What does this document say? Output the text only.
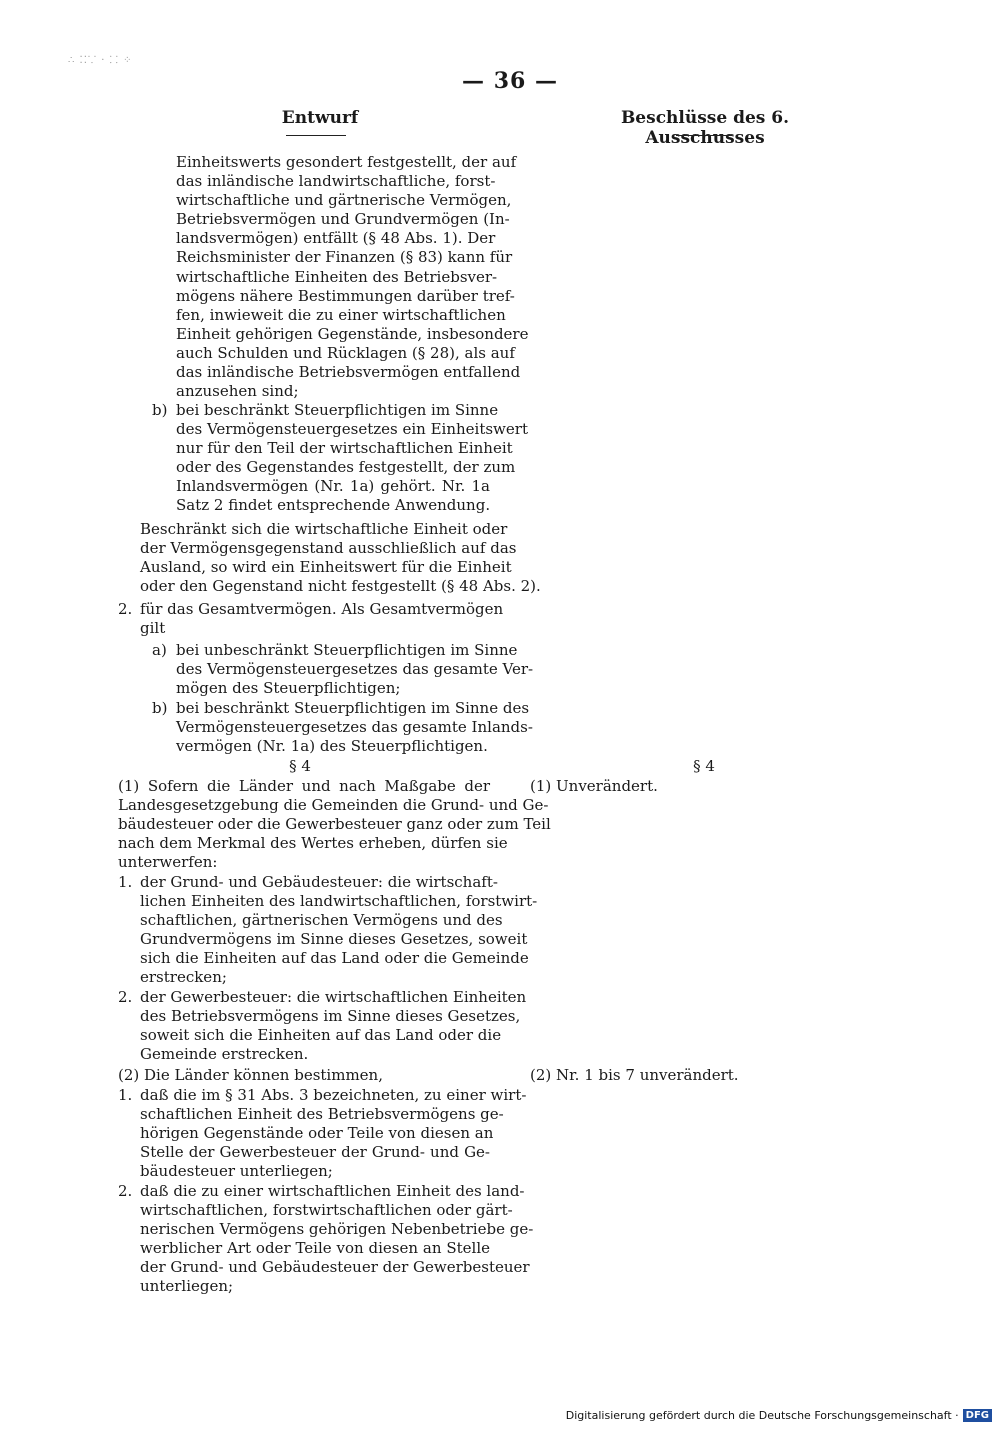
∴ ⁚⁚⸪ · ⸬ ⁘
— 36 —
Entwurf	Beschlüsse des 6. Ausschusses
Einheitswerts gesondert festgestellt, der auf
das inländische landwirtschaftliche, forst-
wirtschaftliche und gärtnerische Vermögen,
Betriebsvermögen und Grundvermögen (In-
landsvermögen) entfällt (§ 48 Abs. 1). Der
Reichsminister der Finanzen (§ 83) kann für
wirtschaftliche Einheiten des Betriebsver-
mögens nähere Bestimmungen darüber tref-
fen, inwieweit die zu einer wirtschaftlichen
Einheit gehörigen Gegenstände, insbesondere
auch Schulden und Rücklagen (§ 28), als auf
das inländische Betriebsvermögen entfallend
anzusehen sind;
b) bei beschränkt Steuerpflichtigen im Sinne
des Vermögensteuergesetzes ein Einheitswert
nur für den Teil der wirtschaftlichen Einheit
oder des Gegenstandes festgestellt, der zum
Inlandsvermögen (Nr. 1a) gehört. Nr. 1a
Satz 2 findet entsprechende Anwendung.
Beschränkt sich die wirtschaftliche Einheit oder
der Vermögensgegenstand ausschließlich auf das
Ausland, so wird ein Einheitswert für die Einheit
oder den Gegenstand nicht festgestellt (§ 48 Abs. 2).
2. für das Gesamtvermögen. Als Gesamtvermögen
gilt
a) bei unbeschränkt Steuerpflichtigen im Sinne
des Vermögensteuergesetzes das gesamte Ver-
mögen des Steuerpflichtigen;
b) bei beschränkt Steuerpflichtigen im Sinne des
Vermögensteuergesetzes das gesamte Inlands-
vermögen (Nr. 1a) des Steuerpflichtigen.
§ 4
(1) Sofern die Länder und nach Maßgabe der
Landesgesetzgebung die Gemeinden die Grund- und Ge-
bäudesteuer oder die Gewerbesteuer ganz oder zum Teil
nach dem Merkmal des Wertes erheben, dürfen sie
unterwerfen:
1. der Grund- und Gebäudesteuer: die wirtschaft-
lichen Einheiten des landwirtschaftlichen, forstwirt-
schaftlichen, gärtnerischen Vermögens und des
Grundvermögens im Sinne dieses Gesetzes, soweit
sich die Einheiten auf das Land oder die Gemeinde
erstrecken;
2. der Gewerbesteuer: die wirtschaftlichen Einheiten
des Betriebsvermögens im Sinne dieses Gesetzes,
soweit sich die Einheiten auf das Land oder die
Gemeinde erstrecken.
(2) Die Länder können bestimmen,
1. daß die im § 31 Abs. 3 bezeichneten, zu einer wirt-
schaftlichen Einheit des Betriebsvermögens ge-
hörigen Gegenstände oder Teile von diesen an
Stelle der Gewerbesteuer der Grund- und Ge-
bäudesteuer unterliegen;
2. daß die zu einer wirtschaftlichen Einheit des land-
wirtschaftlichen, forstwirtschaftlichen oder gärt-
nerischen Vermögens gehörigen Nebenbetriebe ge-
werblicher Art oder Teile von diesen an Stelle
der Grund- und Gebäudesteuer der Gewerbesteuer
unterliegen;
§ 4
(1) Unverändert.
(2) Nr. 1 bis 7 unverändert.
Digitalisierung gefördert durch die Deutsche Forschungsgemeinschaft · DFG
